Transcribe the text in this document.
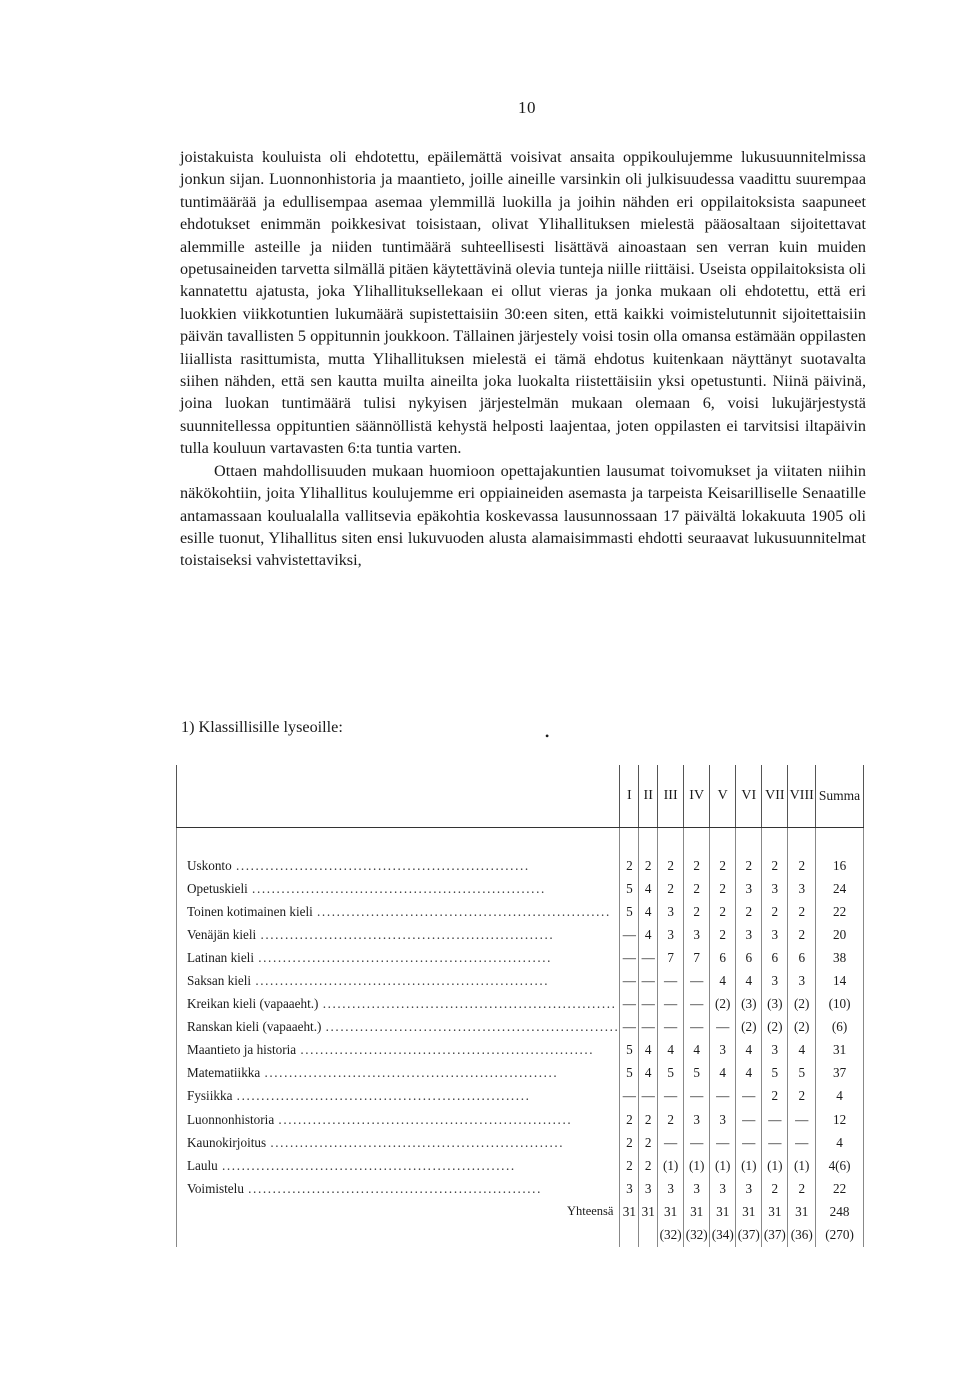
10

joistakuista kouluista oli ehdotettu, epäilemättä voisivat ansaita oppikoulujemme lukusuunnitelmissa jonkun sijan. Luonnonhistoria ja maantieto, joille aineille varsinkin oli julkisuudessa vaadittu suurempaa tuntimäärää ja edullisempaa asemaa ylemmillä luokilla ja joihin nähden eri oppilaitoksista saapuneet ehdotukset enimmän poikkesivat toisistaan, olivat Ylihallituksen mielestä pääosaltaan sijoitettavat alemmille asteille ja niiden tuntimäärä suhteellisesti lisättävä ainoastaan sen verran kuin muiden opetusaineiden tarvetta silmällä pitäen käytettävinä olevia tunteja niille riittäisi. Useista oppilaitoksista oli kannatettu ajatusta, joka Ylihallituksellekaan ei ollut vieras ja jonka mukaan oli ehdotettu, että eri luokkien viikkotuntien lukumäärä supistettaisiin 30:een siten, että kaikki voimistelutunnit sijoitettaisiin päivän tavallisten 5 oppitunnin joukkoon. Tällainen järjestely voisi tosin olla omansa estämään oppilasten liiallista rasittumista, mutta Ylihallituksen mielestä ei tämä ehdotus kuitenkaan näyttänyt suotavalta siihen nähden, että sen kautta muilta aineilta joka luokalta riistettäisiin yksi opetustunti. Niinä päivinä, joina luokan tuntimäärä tulisi nykyisen järjestelmän mukaan olemaan 6, voisi lukujärjestystä suunnitellessa oppituntien säännöllistä kehystä helposti laajentaa, joten oppilasten ei tarvitsisi iltapäivin tulla kouluun vartavasten 6:ta tuntia varten.

Ottaen mahdollisuuden mukaan huomioon opettajakuntien lausumat toivomukset ja viitaten niihin näkökohtiin, joita Ylihallitus koulujemme eri oppiaineiden asemasta ja tarpeista Keisarilliselle Senaatille antamassaan koulualalla vallitsevia epäkohtia koskevassa lausunnossaan 17 päivältä lokakuuta 1905 oli esille tuonut, Ylihallitus siten ensi lukuvuoden alusta alamaisimmasti ehdotti seuraavat lukusuunnitelmat toistaiseksi vahvistettaviksi,

1) Klassillisille lyseoille:	•
	I	II	III	IV	V	VI	VII	VIII	Summa
Uskonto ............................................................	2	2	2	2	2	2	2	2	16
Opetuskieli ............................................................	5	4	2	2	2	3	3	3	24
Toinen kotimainen kieli ............................................................	5	4	3	2	2	2	2	2	22
Venäjän kieli ............................................................	—	4	3	3	2	3	3	2	20
Latinan kieli ............................................................	—	—	7	7	6	6	6	6	38
Saksan kieli ............................................................	—	—	—	—	4	4	3	3	14
Kreikan kieli (vapaaeht.) ............................................................	—	—	—	—	(2)	(3)	(3)	(2)	(10)
Ranskan kieli (vapaaeht.) ............................................................	—	—	—	—	—	(2)	(2)	(2)	(6)
Maantieto ja historia ............................................................	5	4	4	4	3	4	3	4	31
Matematiikka ............................................................	5	4	5	5	4	4	5	5	37
Fysiikka ............................................................	—	—	—	—	—	—	2	2	4
Luonnonhistoria ............................................................	2	2	2	3	3	—	—	—	12
Kaunokirjoitus ............................................................	2	2	—	—	—	—	—	—	4
Laulu ............................................................	2	2	(1)	(1)	(1)	(1)	(1)	(1)	4(6)
Voimistelu ............................................................	3	3	3	3	3	3	2	2	22
Yhteensä	31	31	31	31	31	31	31	31	248
			(32)	(32)	(34)	(37)	(37)	(36)	(270)
